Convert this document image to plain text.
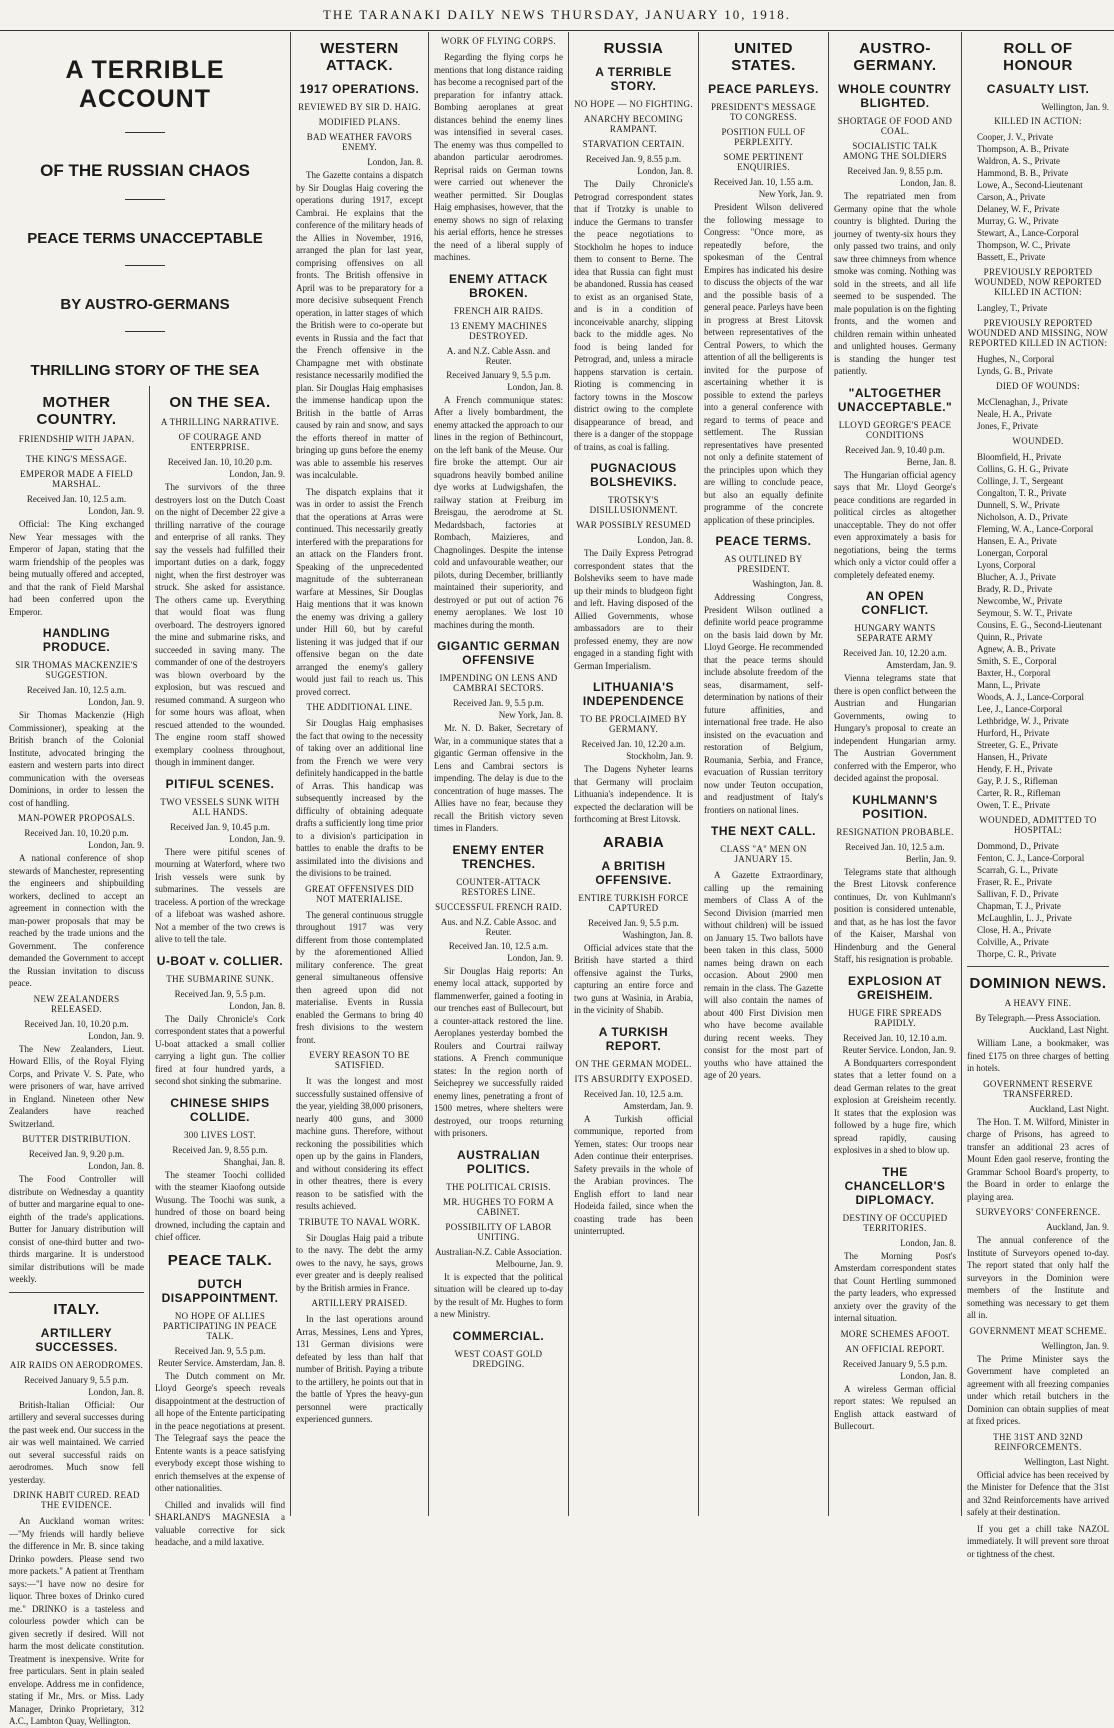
THE TARANAKI DAILY NEWS THURSDAY, JANUARY 10, 1918.
A TERRIBLE ACCOUNT
OF THE RUSSIAN CHAOS
PEACE TERMS UNACCEPTABLE
BY AUSTRO-GERMANS
THRILLING STORY OF THE SEA
MOTHER COUNTRY.
FRIENDSHIP WITH JAPAN.
THE KING'S MESSAGE.
EMPEROR MADE A FIELD MARSHAL.
Received Jan. 10, 12.5 a.m.
London, Jan. 9.

Official: The King exchanged New Year messages with the Emperor of Japan, stating that the warm friendship of the peoples was being mutually offered and accepted, and that the rank of Field Marshal had been conferred upon the Emperor.

HANDLING PRODUCE.
SIR THOMAS MACKENZIE'S SUGGESTION.
Received Jan. 10, 12.5 a.m.
London, Jan. 9.

Sir Thomas Mackenzie (High Commissioner), speaking at the British branch of the Colonial Institute, advocated bringing the eastern and western parts into direct communication with the overseas Dominions, in order to lessen the cost of handling.

MAN-POWER PROPOSALS.
Received Jan. 10, 10.20 p.m.
London, Jan. 9.

A national conference of shop stewards of Manchester, representing the engineers and shipbuilding workers, declined to accept an agreement in connection with the man-power proposals that may be reached by the trade unions and the Government. The conference demanded the Government to accept the Russian invitation to discuss peace.

NEW ZEALANDERS RELEASED.
Received Jan. 10, 10.20 p.m.
London, Jan. 9.

The New Zealanders, Lieut. Howard Ellis, of the Royal Flying Corps, and Private V. S. Pate, who were prisoners of war, have arrived in England. Nineteen other New Zealanders have reached Switzerland.

BUTTER DISTRIBUTION.
Received Jan. 9, 9.20 p.m.
London, Jan. 8.

The Food Controller will distribute on Wednesday a quantity of butter and margarine equal to one-eighth of the trade's applications. Butter for January distribution will consist of one-third butter and two-thirds margarine. It is understood similar distributions will be made weekly.

ITALY.
ARTILLERY SUCCESSES.
AIR RAIDS ON AERODROMES.
Received January 9, 5.5 p.m.
London, Jan. 8.

British-Italian Official: Our artillery and several successes during the past week end. Our success in the air was well maintained. We carried out several successful raids on aerodromes. Much snow fell yesterday.

DRINK HABIT CURED. READ THE EVIDENCE.

An Auckland woman writes:—"My friends will hardly believe the difference in Mr. B. since taking Drinko powders. Please send two more packets." A patient at Trentham says:—"I have now no desire for liquor. Three boxes of Drinko cured me." DRINKO is a tasteless and colourless powder which can be given secretly if desired. Will not harm the most delicate constitution. Treatment is inexpensive. Write for free particulars. Sent in plain sealed envelope. Address me in confidence, stating if Mr., Mrs. or Miss. Lady Manager, Drinko Proprietary, 312 A.C., Lambton Quay, Wellington.

ON THE SEA.
A THRILLING NARRATIVE.
OF COURAGE AND ENTERPRISE.
Received Jan. 10, 10.20 p.m.
London, Jan. 9.

The survivors of the three destroyers lost on the Dutch Coast on the night of December 22 give a thrilling narrative of the courage and enterprise of all ranks. They say the vessels had fulfilled their important duties on a dark, foggy night, when the first destroyer was struck. She asked for assistance. The others came up. Everything that would float was flung overboard. The destroyers ignored the mine and submarine risks, and succeeded in saving many. The commander of one of the destroyers was blown overboard by the explosion, but was rescued and resumed command. A surgeon who for some hours was afloat, when rescued attended to the wounded. The engine room staff showed exemplary coolness throughout, though in imminent danger.

PITIFUL SCENES.
TWO VESSELS SUNK WITH ALL HANDS.
Received Jan. 9, 10.45 p.m.
London, Jan. 9.

There were pitiful scenes of mourning at Waterford, where two Irish vessels were sunk by submarines. The vessels are traceless. A portion of the wreckage of a lifeboat was washed ashore. Not a member of the two crews is alive to tell the tale.

U-BOAT v. COLLIER.
THE SUBMARINE SUNK.
Received Jan. 9, 5.5 p.m.
London, Jan. 8.

The Daily Chronicle's Cork correspondent states that a powerful U-boat attacked a small collier carrying a light gun. The collier fired at four hundred yards, a second shot sinking the submarine.

CHINESE SHIPS COLLIDE.
300 LIVES LOST.
Received Jan. 9, 8.55 p.m.
Shanghai, Jan. 8.

The steamer Toochi collided with the steamer Kiaofong outside Wusung. The Toochi was sunk, a hundred of those on board being drowned, including the captain and chief officer.

PEACE TALK.
DUTCH DISAPPOINTMENT.
NO HOPE OF ALLIES PARTICIPATING IN PEACE TALK.
Received Jan. 9, 5.5 p.m.
Reuter Service. Amsterdam, Jan. 8.

The Dutch comment on Mr. Lloyd George's speech reveals disappointment at the destruction of all hope of the Entente participating in the peace negotiations at present. The Telegraaf says the peace the Entente wants is a peace satisfying everybody except those wishing to enrich themselves at the expense of other nationalities.

Chilled and invalids will find SHARLAND'S MAGNESIA a valuable corrective for sick headache, and a mild laxative.

WESTERN ATTACK.
1917 OPERATIONS.
REVIEWED BY SIR D. HAIG.
MODIFIED PLANS.
BAD WEATHER FAVORS ENEMY.
London, Jan. 8.

The Gazette contains a dispatch by Sir Douglas Haig covering the operations during 1917, except Cambrai. He explains that the conference of the military heads of the Allies in November, 1916, arranged the plan for last year, comprising offensives on all fronts. The British offensive in April was to be preparatory for a more decisive subsequent French operation, in latter stages of which the British were to co-operate but events in Russia and the fact that the French offensive in the Champagne met with obstinate resistance necessarily modified the plan. Sir Douglas Haig emphasises the immense handicap upon the British in the battle of Arras caused by rain and snow, and says the efforts thereof in matter of bringing up guns before the enemy was able to assemble his reserves was incalculable.

The dispatch explains that it was in order to assist the French that the operations at Arras were continued. This necessarily greatly interfered with the preparations for an attack on the Flanders front. Speaking of the unprecedented magnitude of the subterranean warfare at Messines, Sir Douglas Haig mentions that it was known the enemy was driving a gallery under Hill 60, but by careful listening it was judged that if our offensive began on the date arranged the enemy's gallery would just fail to reach us. This proved correct.

THE ADDITIONAL LINE.

Sir Douglas Haig emphasises the fact that owing to the necessity of taking over an additional line from the French we were very definitely handicapped in the battle of Arras. This handicap was subsequently increased by the difficulty of obtaining adequate drafts a sufficiently long time prior to a division's participation in battles to enable the drafts to be assimilated into the divisions and the divisions to be trained.

GREAT OFFENSIVES DID NOT MATERIALISE.

The general continuous struggle throughout 1917 was very different from those contemplated by the aforementioned Allied military conference. The great general simultaneous offensive then agreed upon did not materialise. Events in Russia enabled the Germans to bring 40 fresh divisions to the western front.

EVERY REASON TO BE SATISFIED.

It was the longest and most successfully sustained offensive of the year, yielding 38,000 prisoners, nearly 400 guns, and 3000 machine guns. Therefore, without reckoning the possibilities which open up by the gains in Flanders, and without considering its effect in other theatres, there is every reason to be satisfied with the results achieved.

TRIBUTE TO NAVAL WORK.

Sir Douglas Haig paid a tribute to the navy. The debt the army owes to the navy, he says, grows ever greater and is deeply realised by the British armies in France.

ARTILLERY PRAISED.

In the last operations around Arras, Messines, Lens and Ypres, 131 German divisions were defeated by less than half that number of British. Paying a tribute to the artillery, he points out that in the battle of Ypres the heavy-gun personnel were practically experienced gunners.

WORK OF FLYING CORPS.

Regarding the flying corps he mentions that long distance raiding has become a recognised part of the preparation for infantry attack. Bombing aeroplanes at great distances behind the enemy lines was intensified in several cases. The enemy was thus compelled to abandon particular aerodromes. Reprisal raids on German towns were carried out whenever the weather permitted. Sir Douglas Haig emphasises, however, that the enemy shows no sign of relaxing his aerial efforts, hence he stresses the need of a liberal supply of machines.

ENEMY ATTACK BROKEN.
FRENCH AIR RAIDS.
13 ENEMY MACHINES DESTROYED.
A. and N.Z. Cable Assn. and Reuter.
Received January 9, 5.5 p.m.
London, Jan. 8.

A French communique states: After a lively bombardment, the enemy attacked the approach to our lines in the region of Bethincourt, on the left bank of the Meuse. Our fire broke the attempt. Our air squadrons heavily bombed aniline dye works at Ludwigshafen, the railway station at Freiburg im Breisgau, the aerodrome at St. Medardsbach, factories at Rombach, Maizieres, and Chagnolinges. Despite the intense cold and unfavourable weather, our pilots, during December, brilliantly maintained their superiority, and destroyed or put out of action 76 enemy aeroplanes. We lost 10 machines during the month.

GIGANTIC GERMAN OFFENSIVE
IMPENDING ON LENS AND CAMBRAI SECTORS.
Received Jan. 9, 5.5 p.m.
New York, Jan. 8.

Mr. N. D. Baker, Secretary of War, in a communique states that a gigantic German offensive in the Lens and Cambrai sectors is impending. The delay is due to the concentration of huge masses. The Allies have no fear, because they recall the British victory seven times in Flanders.

ENEMY ENTER TRENCHES.
COUNTER-ATTACK RESTORES LINE.
SUCCESSFUL FRENCH RAID.
Aus. and N.Z. Cable Assoc. and Reuter.
Received Jan. 10, 12.5 a.m.
London, Jan. 9.

Sir Douglas Haig reports: An enemy local attack, supported by flammenwerfer, gained a footing in our trenches east of Bullecourt, but a counter-attack restored the line. Aeroplanes yesterday bombed the Roulers and Courtrai railway stations. A French communique states: In the region north of Seicheprey we successfully raided enemy lines, penetrating a front of 1500 metres, where shelters were destroyed, our troops returning with prisoners.

AUSTRALIAN POLITICS.
THE POLITICAL CRISIS.
MR. HUGHES TO FORM A CABINET.
POSSIBILITY OF LABOR UNITING.
Australian-N.Z. Cable Association.
Melbourne, Jan. 9.

It is expected that the political situation will be cleared up to-day by the result of Mr. Hughes to form a new Ministry.

COMMERCIAL.
WEST COAST GOLD DREDGING.
RUSSIA
A TERRIBLE STORY.
NO HOPE — NO FIGHTING.
ANARCHY BECOMING RAMPANT.
STARVATION CERTAIN.
Received Jan. 9, 8.55 p.m.
London, Jan. 8.

The Daily Chronicle's Petrograd correspondent states that if Trotzky is unable to induce the Germans to transfer the peace negotiations to Stockholm he hopes to induce them to consent to Berne. The idea that Russia can fight must be abandoned. Russia has ceased to exist as an organised State, and is in a condition of inconceivable anarchy, slipping back to the middle ages. No food is being landed for Petrograd, and, unless a miracle happens starvation is certain. Rioting is commencing in factory towns in the Moscow district owing to the complete disappearance of bread, and there is a danger of the stoppage of trains, as coal is falling.

PUGNACIOUS BOLSHEVIKS.
TROTSKY'S DISILLUSIONMENT.
WAR POSSIBLY RESUMED
London, Jan. 8.

The Daily Express Petrograd correspondent states that the Bolsheviks seem to have made up their minds to bludgeon fight and left. Having disposed of the Allied Governments, whose ambassadors are to their professed enemy, they are now engaged in a standing fight with German Imperialism.

LITHUANIA'S INDEPENDENCE
TO BE PROCLAIMED BY GERMANY.
Received Jan. 10, 12.20 a.m.
Stockholm, Jan. 9.

The Dagens Nyheter learns that Germany will proclaim Lithuania's independence. It is expected the declaration will be forthcoming at Brest Litovsk.

ARABIA
A BRITISH OFFENSIVE.
ENTIRE TURKISH FORCE CAPTURED
Received Jan. 9, 5.5 p.m.
Washington, Jan. 8.

Official advices state that the British have started a third offensive against the Turks, capturing an entire force and two guns at Wasinia, in Arabia, in the vicinity of Shabib.

A TURKISH REPORT.
ON THE GERMAN MODEL.
ITS ABSURDITY EXPOSED.
Received Jan. 10, 12.5 a.m.
Amsterdam, Jan. 9.

A Turkish official communique, reported from Yemen, states: Our troops near Aden continue their enterprises. Safety prevails in the whole of the Arabian provinces. The English effort to land near Hodeida failed, since when the coasting trade has been uninterrupted.

UNITED STATES.
PEACE PARLEYS.
PRESIDENT'S MESSAGE TO CONGRESS.
POSITION FULL OF PERPLEXITY.
SOME PERTINENT ENQUIRIES.
Received Jan. 10, 1.55 a.m.
New York, Jan. 9.

President Wilson delivered the following message to Congress: "Once more, as repeatedly before, the spokesman of the Central Empires has indicated his desire to discuss the objects of the war and the possible basis of a general peace. Parleys have been in progress at Brest Litovsk between representatives of the Central Powers, to which the attention of all the belligerents is invited for the purpose of ascertaining whether it is possible to extend the parleys into a general conference with regard to terms of peace and settlement. The Russian representatives have presented not only a definite statement of the principles upon which they are willing to conclude peace, but also an equally definite programme of the concrete application of these principles.

PEACE TERMS.
AS OUTLINED BY PRESIDENT.
Washington, Jan. 8.

Addressing Congress, President Wilson outlined a definite world peace programme on the basis laid down by Mr. Lloyd George. He recommended that the peace terms should include absolute freedom of the seas, disarmament, self-determination by nations of their future affinities, and international free trade. He also insisted on the evacuation and restoration of Belgium, Roumania, Serbia, and France, evacuation of Russian territory now under Teuton occupation, and readjustment of Italy's frontiers on national lines.

THE NEXT CALL.
CLASS "A" MEN ON JANUARY 15.

A Gazette Extraordinary, calling up the remaining members of Class A of the Second Division (married men without children) will be issued on January 15. Two ballots have been taken in this class, 5000 names being drawn on each occasion. About 2900 men remain in the class. The Gazette will also contain the names of about 400 First Division men who have become available during recent weeks. They consist for the most part of youths who have attained the age of 20 years.

AUSTRO-GERMANY.
WHOLE COUNTRY BLIGHTED.
SHORTAGE OF FOOD AND COAL.
SOCIALISTIC TALK AMONG THE SOLDIERS
Received Jan. 9, 8.55 p.m.
London, Jan. 8.

The repatriated men from Germany opine that the whole country is blighted. During the journey of twenty-six hours they only passed two trains, and only saw three chimneys from whence smoke was coming. Nothing was sold in the streets, and all life seemed to be suspended. The male population is on the fighting fronts, and the women and children remain within unheated and unlighted houses. Germany is standing the hunger test patiently.

"ALTOGETHER UNACCEPTABLE."
LLOYD GEORGE'S PEACE CONDITIONS
Received Jan. 9, 10.40 p.m.
Berne, Jan. 8.

The Hungarian official agency says that Mr. Lloyd George's peace conditions are regarded in political circles as altogether unacceptable. They do not offer even approximately a basis for negotiations, being the terms which only a victor could offer a completely defeated enemy.

AN OPEN CONFLICT.
HUNGARY WANTS SEPARATE ARMY
Received Jan. 10, 12.20 a.m.
Amsterdam, Jan. 9.

Vienna telegrams state that there is open conflict between the Austrian and Hungarian Governments, owing to Hungary's proposal to create an independent Hungarian army. The Austrian Government conferred with the Emperor, who decided against the proposal.

KUHLMANN'S POSITION.
RESIGNATION PROBABLE.
Received Jan. 10, 12.5 a.m.
Berlin, Jan. 9.

Telegrams state that although the Brest Litovsk conference continues, Dr. von Kuhlmann's position is considered untenable, and that, as he has lost the favor of the Kaiser, Marshal von Hindenburg and the General Staff, his resignation is probable.

EXPLOSION AT GREISHEIM.
HUGE FIRE SPREADS RAPIDLY.
Received Jan. 10, 12.10 a.m.
Reuter Service. London, Jan. 9.

A Bondquarters correspondent states that a letter found on a dead German relates to the great explosion at Greisheim recently. It states that the explosion was followed by a huge fire, which spread rapidly, causing explosives in a shed to blow up.

THE CHANCELLOR'S DIPLOMACY.
DESTINY OF OCCUPIED TERRITORIES.
London, Jan. 8.

The Morning Post's Amsterdam correspondent states that Count Hertling summoned the party leaders, who expressed anxiety over the gravity of the internal situation.

MORE SCHEMES AFOOT.
AN OFFICIAL REPORT.
Received January 9, 5.5 p.m.
London, Jan. 8.

A wireless German official report states: We repulsed an English attack eastward of Bullecourt.

ROLL OF HONOUR
CASUALTY LIST.
Wellington, Jan. 9.
KILLED IN ACTION:
Cooper, J. V., Private
Thompson, A. B., Private
Waldron, A. S., Private
Hammond, B. B., Private
Lowe, A., Second-Lieutenant
Carson, A., Private
Delaney, W. F., Private
Murray, G. W., Private
Stewart, A., Lance-Corporal
Thompson, W. C., Private
Bassett, E., Private
PREVIOUSLY REPORTED WOUNDED, NOW REPORTED KILLED IN ACTION:
Langley, T., Private
PREVIOUSLY REPORTED WOUNDED AND MISSING, NOW REPORTED KILLED IN ACTION:
Hughes, N., Corporal
Lynds, G. B., Private
DIED OF WOUNDS:
McClenaghan, J., Private
Neale, H. A., Private
Jones, F., Private
WOUNDED.
Bloomfield, H., Private
Collins, G. H. G., Private
Collinge, J. T., Sergeant
Congalton, T. R., Private
Dunnell, S. W., Private
Nicholson, A. D., Private
Fleming, W. A., Lance-Corporal
Hansen, E. A., Private
Lonergan, Corporal
Lyons, Corporal
Blucher, A. J., Private
Brady, R. D., Private
Newcombe, W., Private
Seymour, S. W. T., Private
Cousins, E. G., Second-Lieutenant
Quinn, R., Private
Agnew, A. B., Private
Smith, S. E., Corporal
Baxter, H., Corporal
Mann, L., Private
Woods, A. J., Lance-Corporal
Lee, J., Lance-Corporal
Lethbridge, W. J., Private
Hurford, H., Private
Streeter, G. E., Private
Hansen, H., Private
Hendy, F. H., Private
Gay, P. J. S., Rifleman
Carter, R. R., Rifleman
Owen, T. E., Private
WOUNDED, ADMITTED TO HOSPITAL:
Dommond, D., Private
Fenton, C. J., Lance-Corporal
Scarrah, G. L., Private
Fraser, R. E., Private
Sallivan, F. D., Private
Chapman, T. J., Private
McLaughlin, L. J., Private
Close, H. A., Private
Colville, A., Private
Thorpe, C. R., Private
DOMINION NEWS.
A HEAVY FINE.
By Telegraph.—Press Association.
Auckland, Last Night.

William Lane, a bookmaker, was fined £175 on three charges of betting in hotels.

GOVERNMENT RESERVE TRANSFERRED.
Auckland, Last Night.

The Hon. T. M. Wilford, Minister in charge of Prisons, has agreed to transfer an additional 23 acres of Mount Eden gaol reserve, fronting the Grammar School Board's property, to the Board in order to enlarge the playing area.

SURVEYORS' CONFERENCE.
Auckland, Jan. 9.

The annual conference of the Institute of Surveyors opened to-day. The report stated that only half the surveyors in the Dominion were members of the Institute and something was necessary to get them all in.

GOVERNMENT MEAT SCHEME.
Wellington, Jan. 9.

The Prime Minister says the Government have completed an agreement with all freezing companies under which retail butchers in the Dominion can obtain supplies of meat at fixed prices.

THE 31ST AND 32ND REINFORCEMENTS.
Wellington, Last Night.

Official advice has been received by the Minister for Defence that the 31st and 32nd Reinforcements have arrived safely at their destination.

If you get a chill take NAZOL immediately. It will prevent sore throat or tightness of the chest.
